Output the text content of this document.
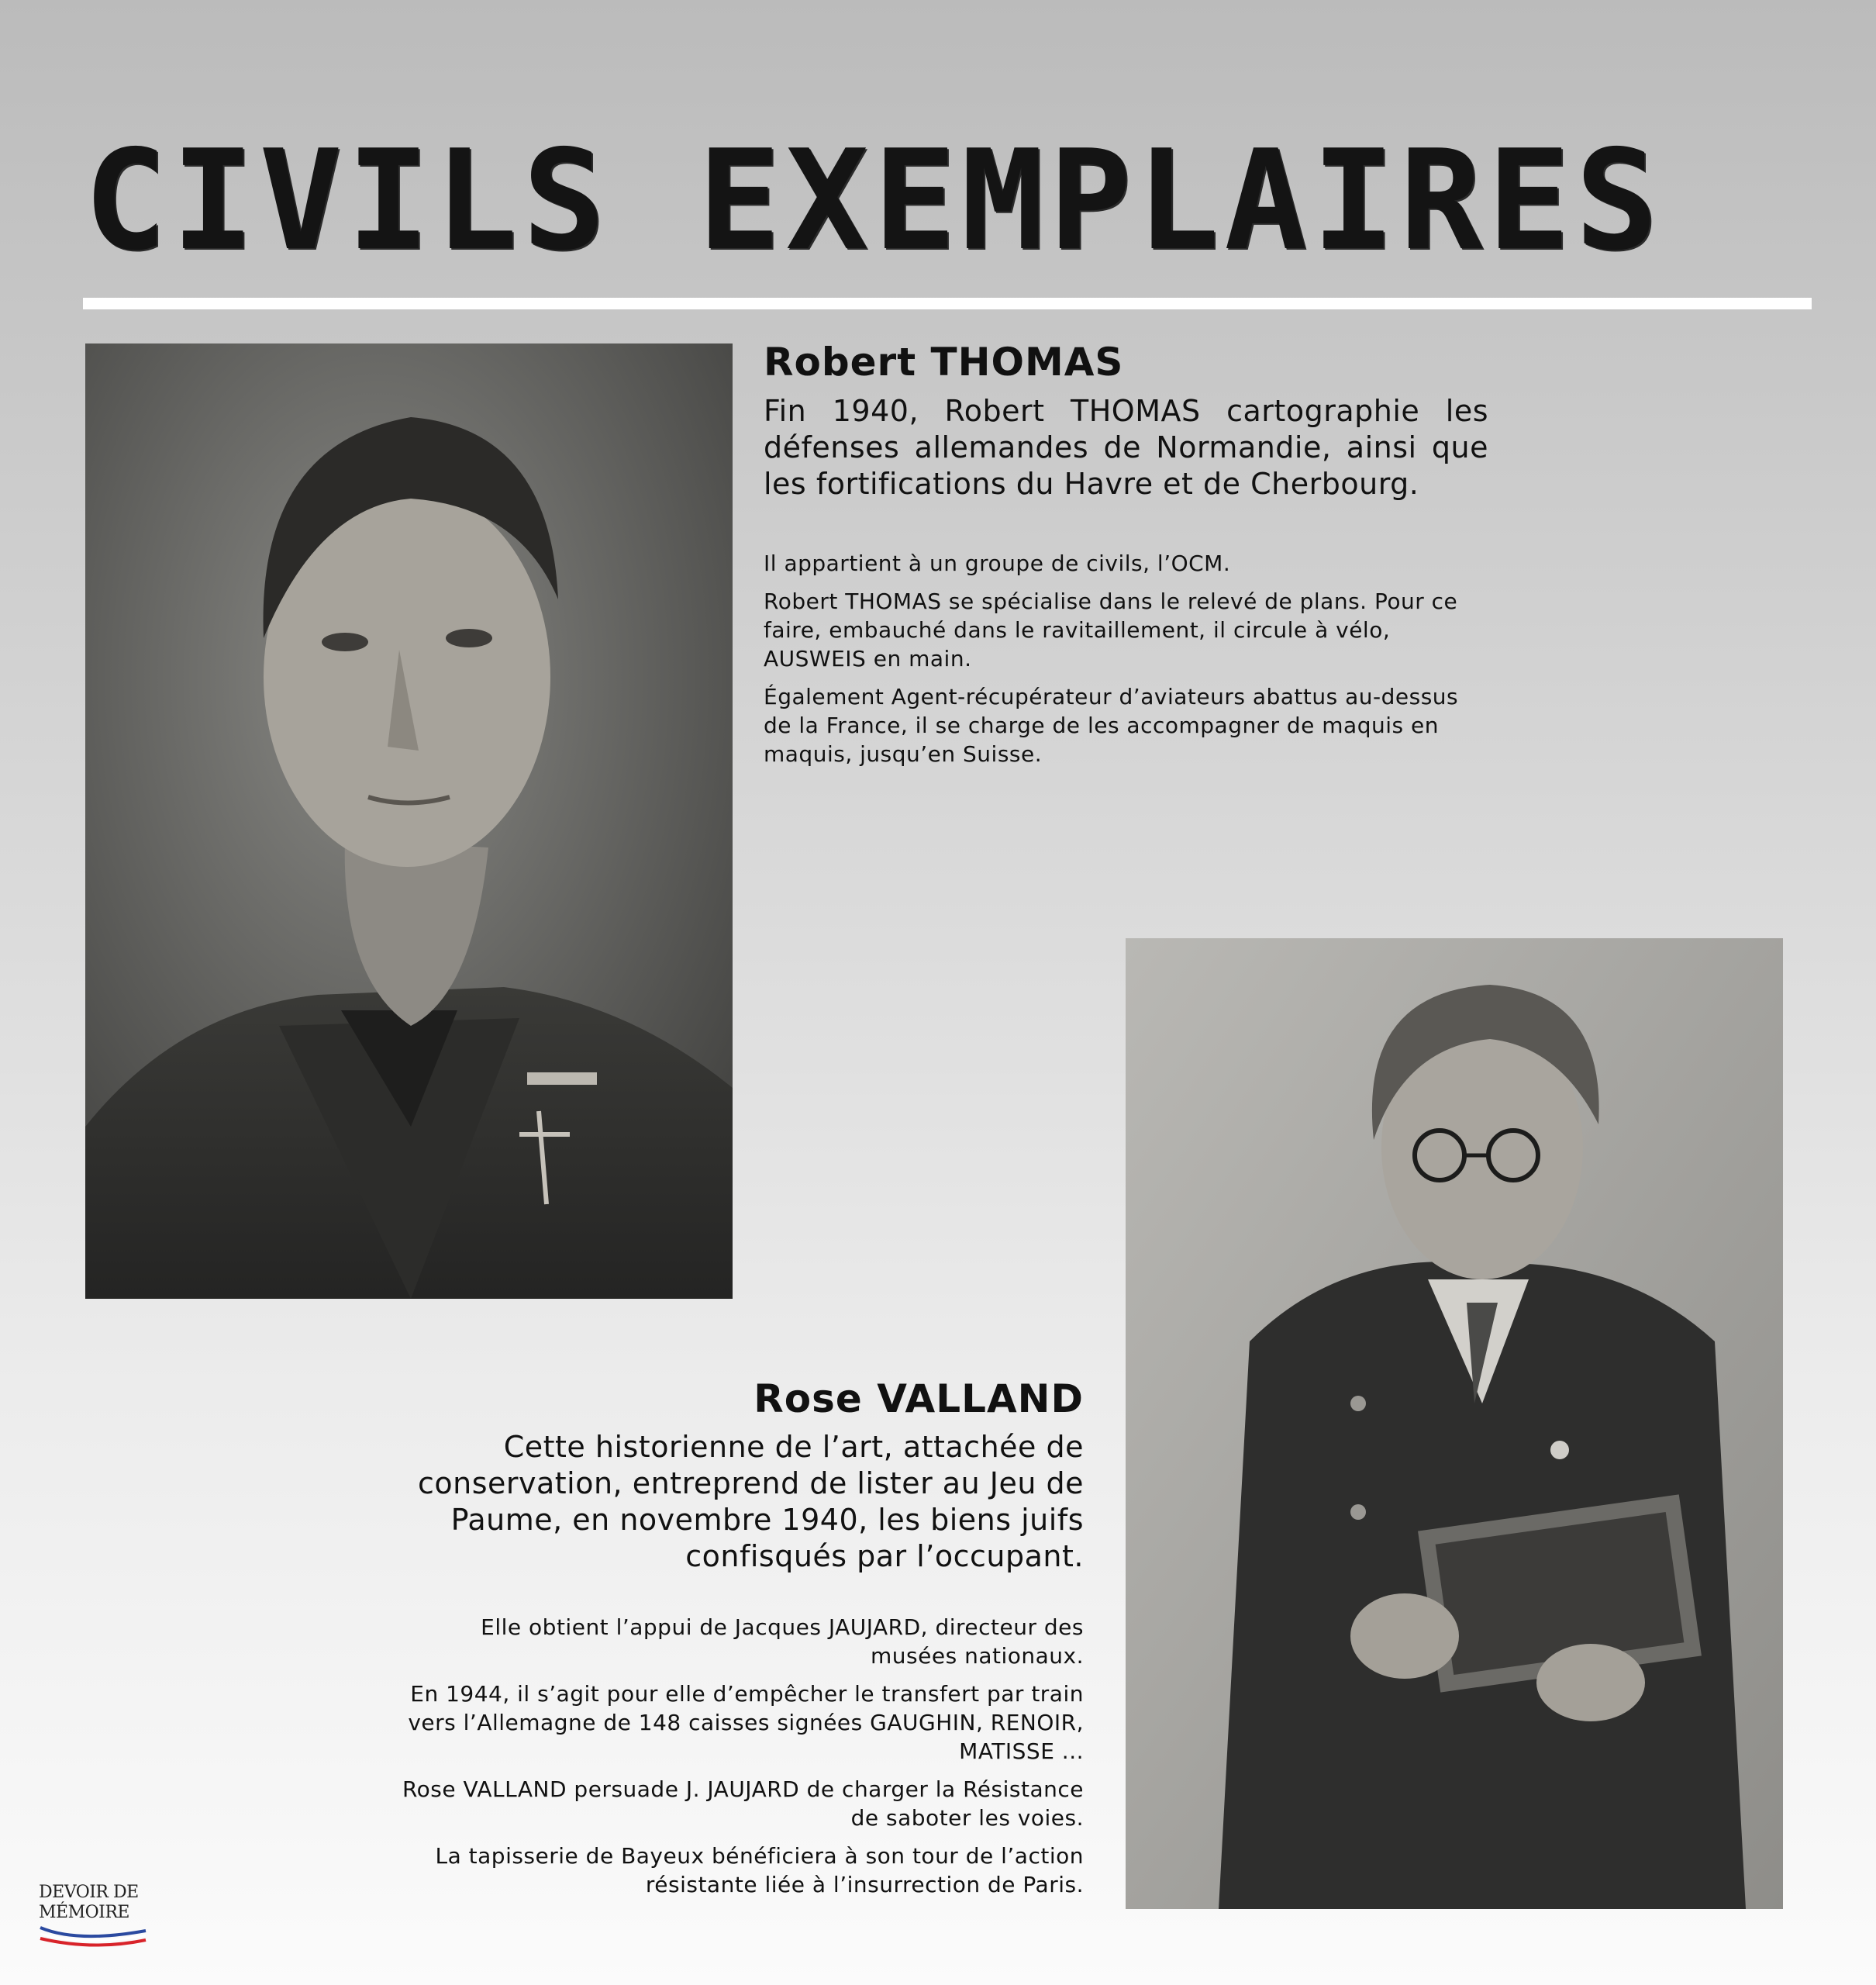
CIVILS EXEMPLAIRES
Robert THOMAS

Fin 1940, Robert THOMAS cartographie les défenses allemandes de Normandie, ainsi que les fortifications du Havre et de Cherbourg.

Il appartient à un groupe de civils, l’OCM.

Robert THOMAS se spécialise dans le relevé de plans. Pour ce faire, embauché dans le ravitaillement, il circule à vélo, AUSWEIS en main.

Également Agent-récupérateur d’aviateurs abattus au-dessus de la France, il se charge de les accompagner de maquis en maquis, jusqu’en Suisse.

Rose VALLAND

Cette historienne de l’art, attachée de conservation, entreprend de lister au Jeu de Paume, en novembre 1940, les biens juifs confisqués par l’occupant.

Elle obtient l’appui de Jacques JAUJARD, directeur des musées nationaux.

En 1944, il s’agit pour elle d’empêcher le transfert par train vers l’Allemagne de 148 caisses signées GAUGHIN, RENOIR, MATISSE ...

Rose VALLAND persuade J. JAUJARD de charger la Résistance de saboter les voies.

La tapisserie de Bayeux bénéficiera à son tour de l’action résistante liée à l’insurrection de Paris.

DEVOIR DE
MÉMOIRE
